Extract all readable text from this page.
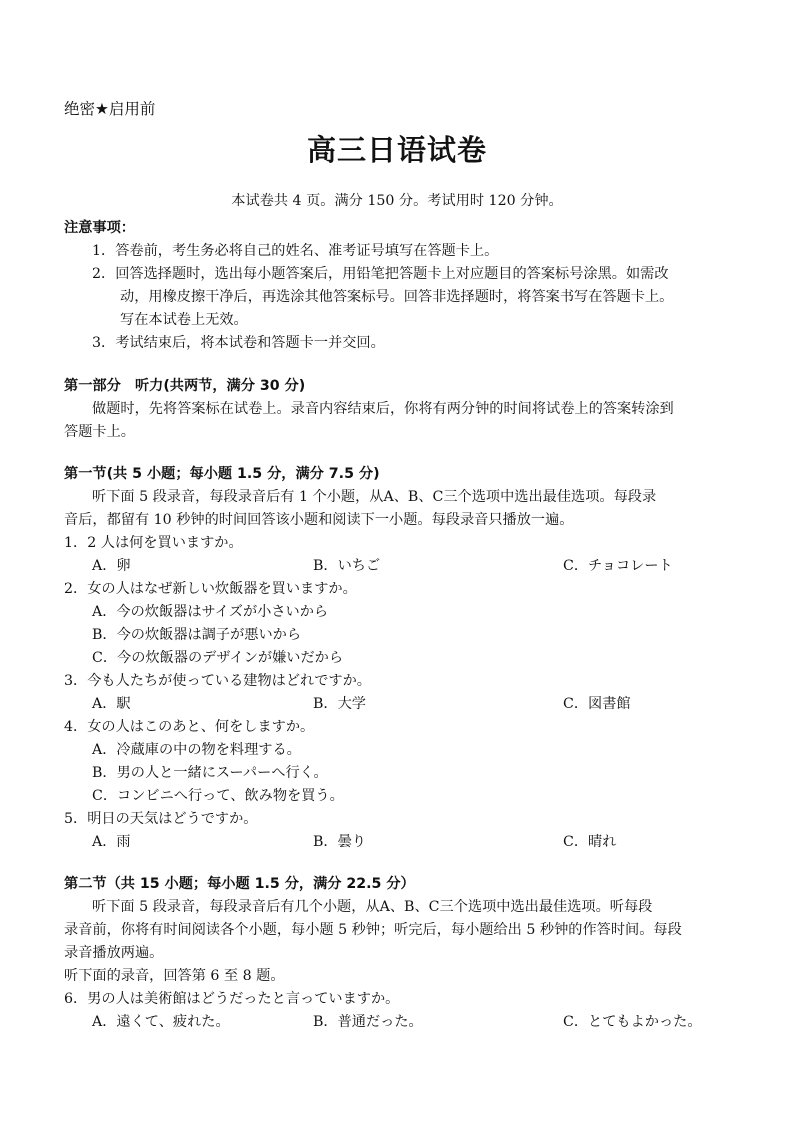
绝密★启用前
高三日语试卷
本试卷共 4 页。满分 150 分。考试用时 120 分钟。
注意事项：
1．答卷前，考生务必将自己的姓名、准考证号填写在答题卡上。
2．回答选择题时，选出每小题答案后，用铅笔把答题卡上对应题目的答案标号涂黑。如需改
动，用橡皮擦干净后，再选涂其他答案标号。回答非选择题时，将答案书写在答题卡上。
写在本试卷上无效。
3．考试结束后，将本试卷和答题卡一并交回。
第一部分　听力(共两节，满分 30 分)
做题时，先将答案标在试卷上。录音内容结束后，你将有两分钟的时间将试卷上的答案转涂到
答题卡上。
第一节(共 5 小题；每小题 1.5 分，满分 7.5 分)
听下面 5 段录音，每段录音后有 1 个小题，从A、B、C三个选项中选出最佳选项。每段录
音后，都留有 10 秒钟的时间回答该小题和阅读下一小题。每段录音只播放一遍。
1．2 人は何を買いますか。
A．卵	B．いちご	C．チョコレート
2．女の人はなぜ新しい炊飯器を買いますか。
A．今の炊飯器はサイズが小さいから
B．今の炊飯器は調子が悪いから
C．今の炊飯器のデザインが嫌いだから
3．今も人たちが使っている建物はどれですか。
A．駅	B．大学	C．図書館
4．女の人はこのあと、何をしますか。
A．冷蔵庫の中の物を料理する。
B．男の人と一緒にスーパーへ行く。
C．コンビニへ行って、飲み物を買う。
5．明日の天気はどうですか。
A．雨	B．曇り	C．晴れ
第二节（共 15 小题；每小题 1.5 分，满分 22.5 分）
听下面 5 段录音，每段录音后有几个小题，从A、B、C三个选项中选出最佳选项。听每段
录音前，你将有时间阅读各个小题，每小题 5 秒钟；听完后，每小题给出 5 秒钟的作答时间。每段
录音播放两遍。
听下面的录音，回答第 6 至 8 题。
6．男の人は美術館はどうだったと言っていますか。
A．遠くて、疲れた。	B．普通だった。	C．とてもよかった。
